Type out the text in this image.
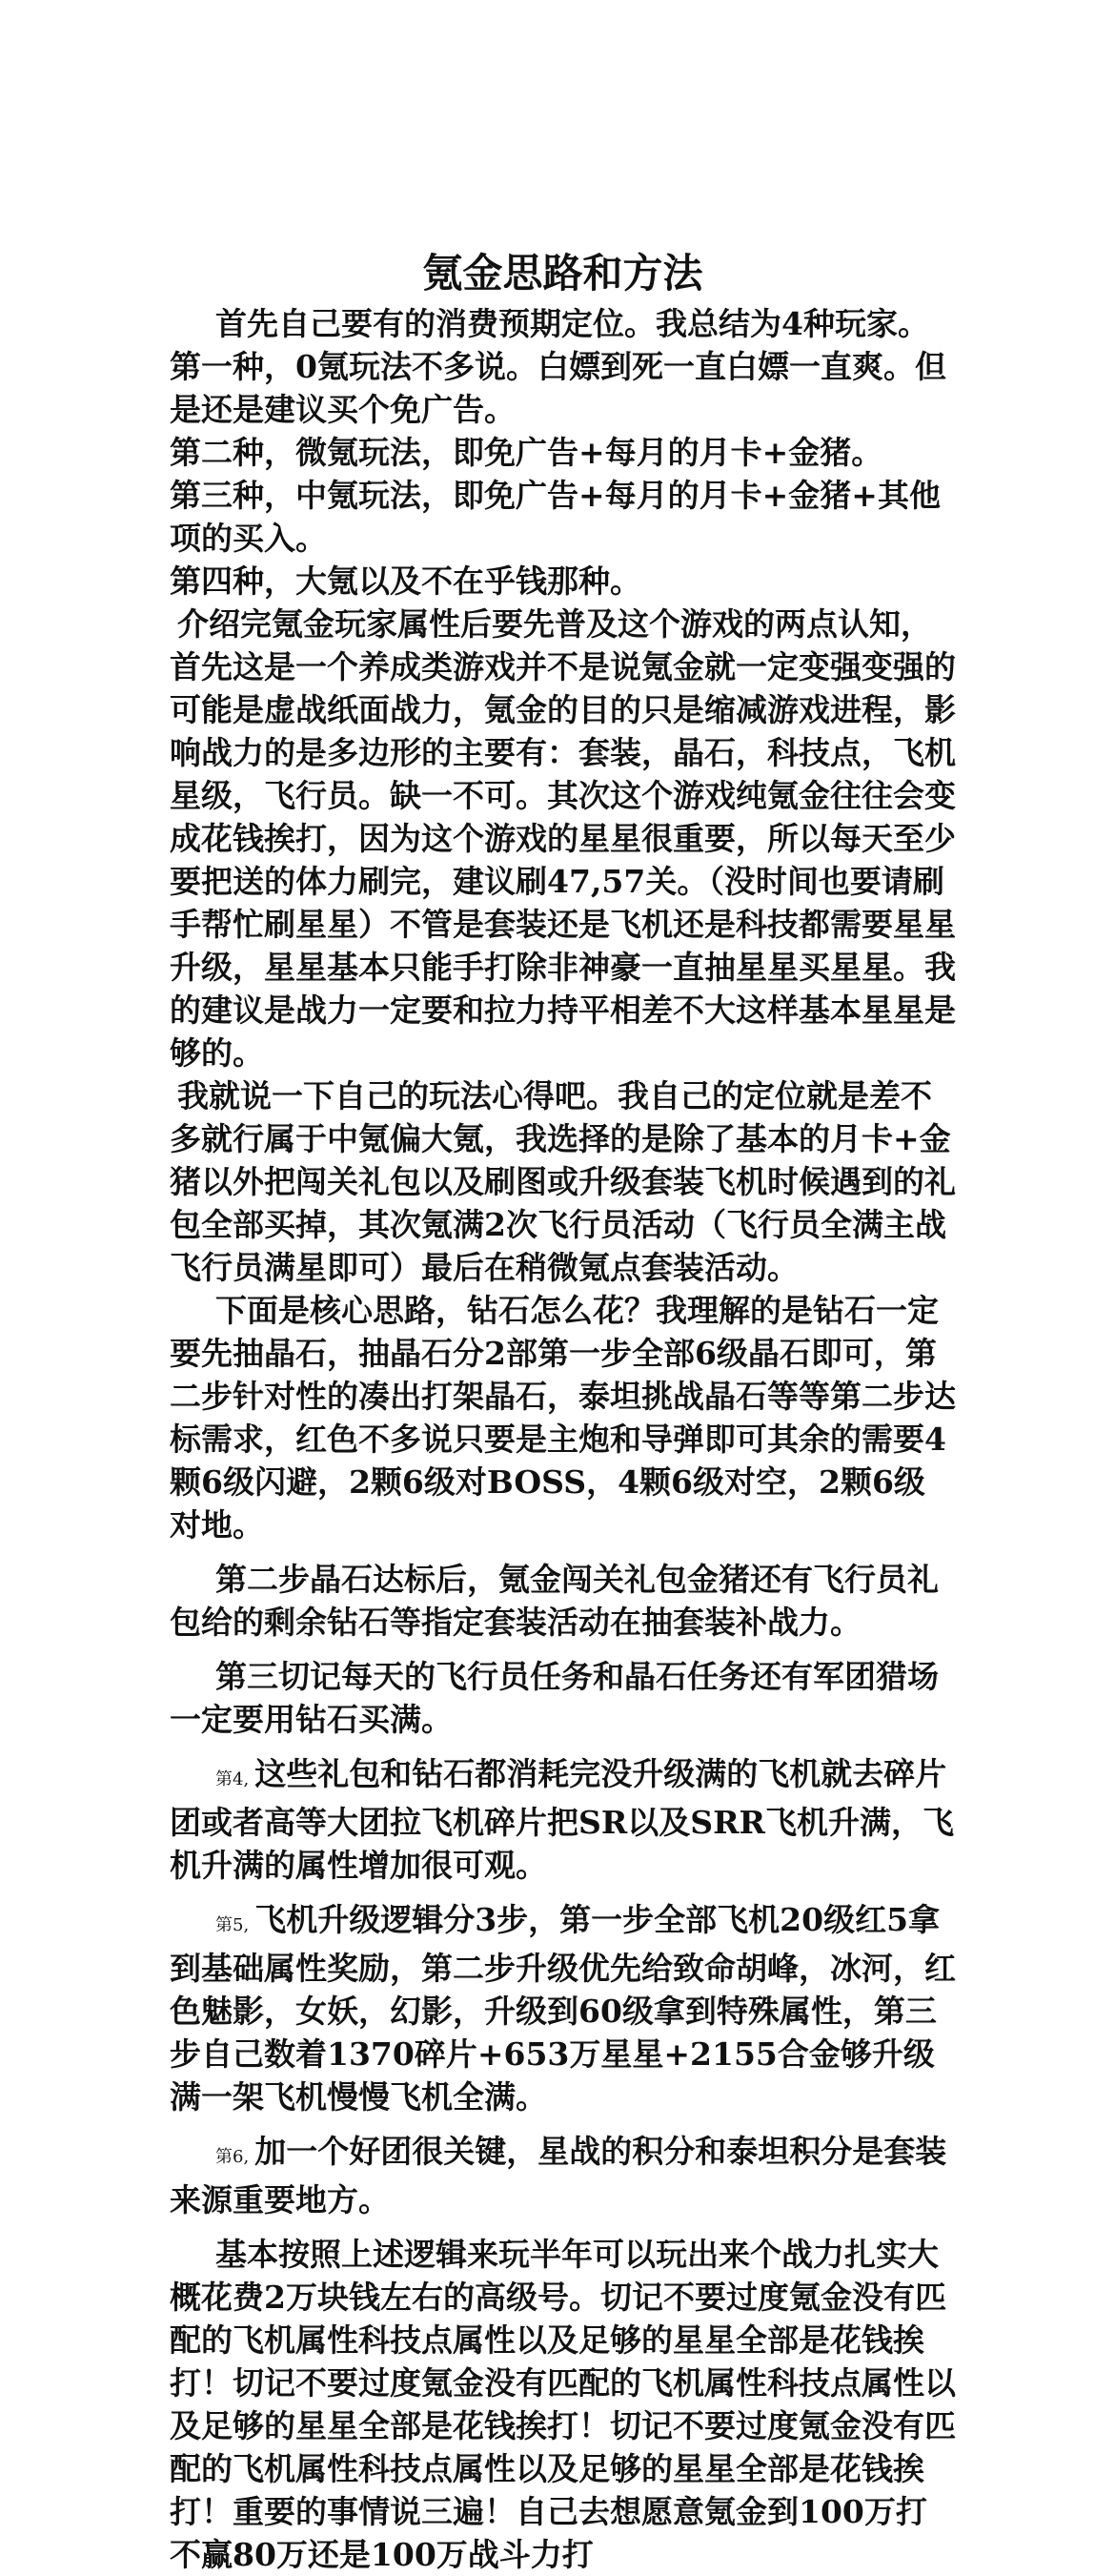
氪金思路和方法

首先自己要有的消费预期定位。我总结为4种玩家。

第一种，0氪玩法不多说。白嫖到死一直白嫖一直爽。但是还是建议买个免广告。

第二种，微氪玩法，即免广告+每月的月卡+金猪。

第三种，中氪玩法，即免广告+每月的月卡+金猪+其他项的买入。

第四种，大氪以及不在乎钱那种。

介绍完氪金玩家属性后要先普及这个游戏的两点认知，首先这是一个养成类游戏并不是说氪金就一定变强变强的可能是虚战纸面战力，氪金的目的只是缩减游戏进程，影响战力的是多边形的主要有：套装，晶石，科技点，飞机星级，飞行员。缺一不可。其次这个游戏纯氪金往往会变成花钱挨打，因为这个游戏的星星很重要，所以每天至少要把送的体力刷完，建议刷47,57关。（没时间也要请刷手帮忙刷星星）不管是套装还是飞机还是科技都需要星星升级，星星基本只能手打除非神豪一直抽星星买星星。我的建议是战力一定要和拉力持平相差不大这样基本星星是够的。

我就说一下自己的玩法心得吧。我自己的定位就是差不多就行属于中氪偏大氪，我选择的是除了基本的月卡+金猪以外把闯关礼包以及刷图或升级套装飞机时候遇到的礼包全部买掉，其次氪满2次飞行员活动（飞行员全满主战飞行员满星即可）最后在稍微氪点套装活动。

下面是核心思路，钻石怎么花？我理解的是钻石一定要先抽晶石，抽晶石分2部第一步全部6级晶石即可，第二步针对性的凑出打架晶石，泰坦挑战晶石等等第二步达标需求，红色不多说只要是主炮和导弹即可其余的需要4颗6级闪避，2颗6级对BOSS，4颗6级对空，2颗6级对地。

第二步晶石达标后，氪金闯关礼包金猪还有飞行员礼包给的剩余钻石等指定套装活动在抽套装补战力。

第三切记每天的飞行员任务和晶石任务还有军团猎场一定要用钻石买满。

第4, 这些礼包和钻石都消耗完没升级满的飞机就去碎片团或者高等大团拉飞机碎片把SR以及SRR飞机升满，飞机升满的属性增加很可观。

第5, 飞机升级逻辑分3步，第一步全部飞机20级红5拿到基础属性奖励，第二步升级优先给致命胡峰，冰河，红色魅影，女妖，幻影，升级到60级拿到特殊属性，第三步自己数着1370碎片+653万星星+2155合金够升级满一架飞机慢慢飞机全满。

第6, 加一个好团很关键，星战的积分和泰坦积分是套装来源重要地方。

基本按照上述逻辑来玩半年可以玩出来个战力扎实大概花费2万块钱左右的高级号。切记不要过度氪金没有匹配的飞机属性科技点属性以及足够的星星全部是花钱挨打！切记不要过度氪金没有匹配的飞机属性科技点属性以及足够的星星全部是花钱挨打！切记不要过度氪金没有匹配的飞机属性科技点属性以及足够的星星全部是花钱挨打！重要的事情说三遍！自己去想愿意氪金到100万打不赢80万还是100万战斗力打
